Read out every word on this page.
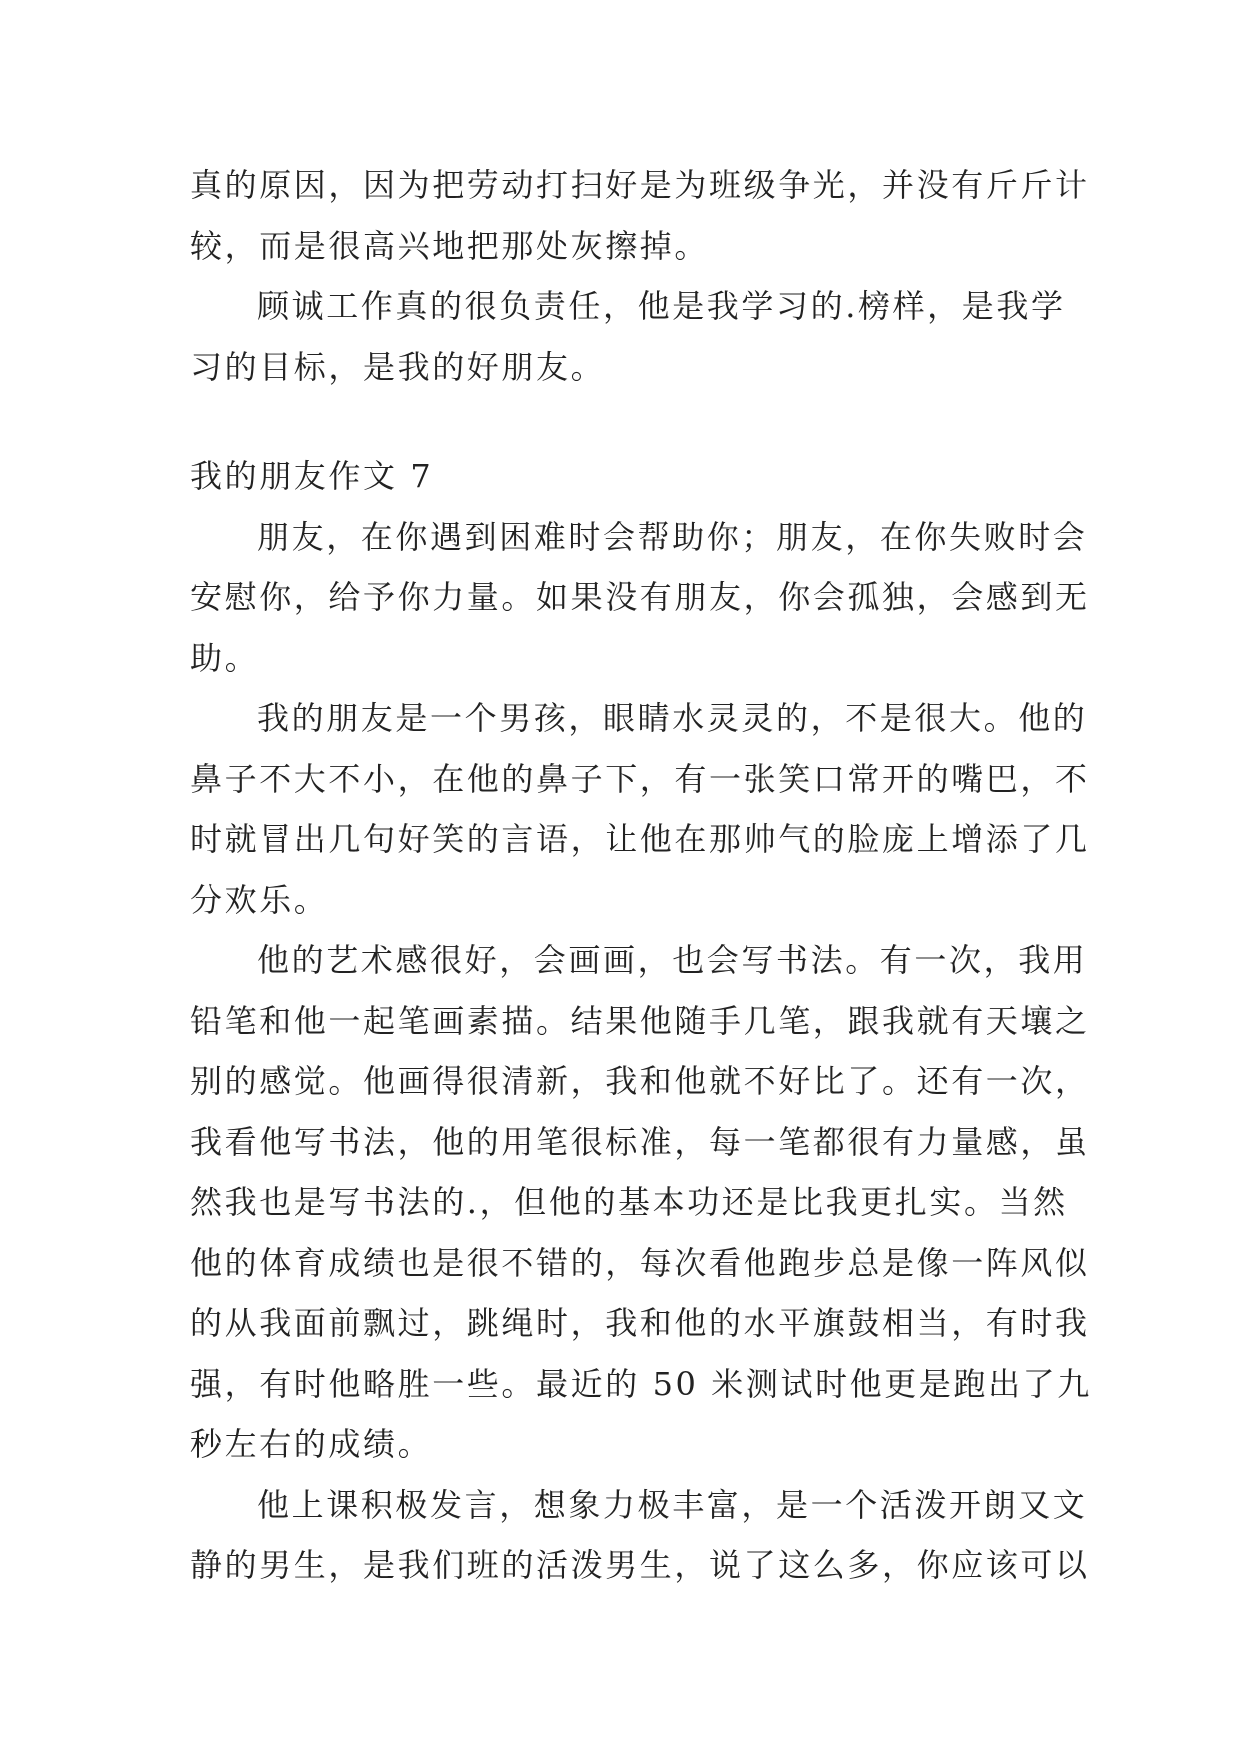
真的原因，因为把劳动打扫好是为班级争光，并没有斤斤计
较，而是很高兴地把那处灰擦掉。
顾诚工作真的很负责任，他是我学习的.榜样，是我学
习的目标，是我的好朋友。
我的朋友作文 7
朋友，在你遇到困难时会帮助你；朋友，在你失败时会
安慰你，给予你力量。如果没有朋友，你会孤独，会感到无
助。
我的朋友是一个男孩，眼睛水灵灵的，不是很大。他的
鼻子不大不小，在他的鼻子下，有一张笑口常开的嘴巴，不
时就冒出几句好笑的言语，让他在那帅气的脸庞上增添了几
分欢乐。
他的艺术感很好，会画画，也会写书法。有一次，我用
铅笔和他一起笔画素描。结果他随手几笔，跟我就有天壤之
别的感觉。他画得很清新，我和他就不好比了。还有一次，
我看他写书法，他的用笔很标准，每一笔都很有力量感，虽
然我也是写书法的.，但他的基本功还是比我更扎实。当然
他的体育成绩也是很不错的，每次看他跑步总是像一阵风似
的从我面前飘过，跳绳时，我和他的水平旗鼓相当，有时我
强，有时他略胜一些。最近的 50 米测试时他更是跑出了九
秒左右的成绩。
他上课积极发言，想象力极丰富，是一个活泼开朗又文
静的男生，是我们班的活泼男生，说了这么多，你应该可以
